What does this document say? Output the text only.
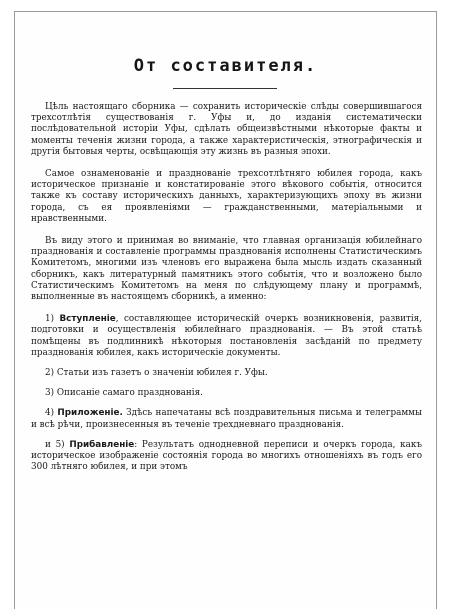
От составителя.

Цѣль настоящаго сборника — сохранить историческіе слѣды совершившагося трехсотлѣтія существованія г. Уфы и, до изданія систематически послѣдовательной исторіи Уфы, сдѣлать общеизвѣстными нѣкоторые факты и моменты теченія жизни города, а также характеристическія, этнографическія и другія бытовыя черты, освѣщающія эту жизнь въ разныя эпохи.

Самое ознаменованіе и празднованіе трехсотлѣтняго юбилея города, какъ историческое признаніе и констатированіе этого вѣкового событія, относится также къ составу историческихъ данныхъ, характеризующихъ эпоху въ жизни города, съ ея проявленіями — гражданственными, матеріальными и нравственными.

Въ виду этого и принимая во вниманіе, что главная организація юбилейнаго празднованія и составленіе программы празднованія исполнены Статистическимъ Комитетомъ, многими изъ членовъ его выражена была мысль издать сказанный сборникъ, какъ литературный памятникъ этого событія, что и возложено было Статистическимъ Комитетомъ на меня по слѣдующему плану и программѣ, выполненные въ настоящемъ сборникѣ, а именно:

1) Вступленіе, составляющее историческій очеркъ возникновенія, развитія, подготовки и осуществленія юбилейнаго празднованія. — Въ этой статьѣ помѣщены въ подлинникѣ нѣкоторыя постановленія засѣданій по предмету празднованія юбилея, какъ историческіе документы.

2) Статьи изъ газетъ о значеніи юбилея г. Уфы.

3) Описаніе самаго празднованія.

4) Приложеніе. Здѣсь напечатаны всѣ поздравительныя письма и телеграммы и всѣ рѣчи, произнесенныя въ теченіе трехдневнаго празднованія.

и 5) Прибавленіе: Результатъ однодневной переписи и очеркъ города, какъ историческое изображеніе состоянія города во многихъ отношеніяхъ въ годъ его 300 лѣтняго юбилея, и при этомъ
